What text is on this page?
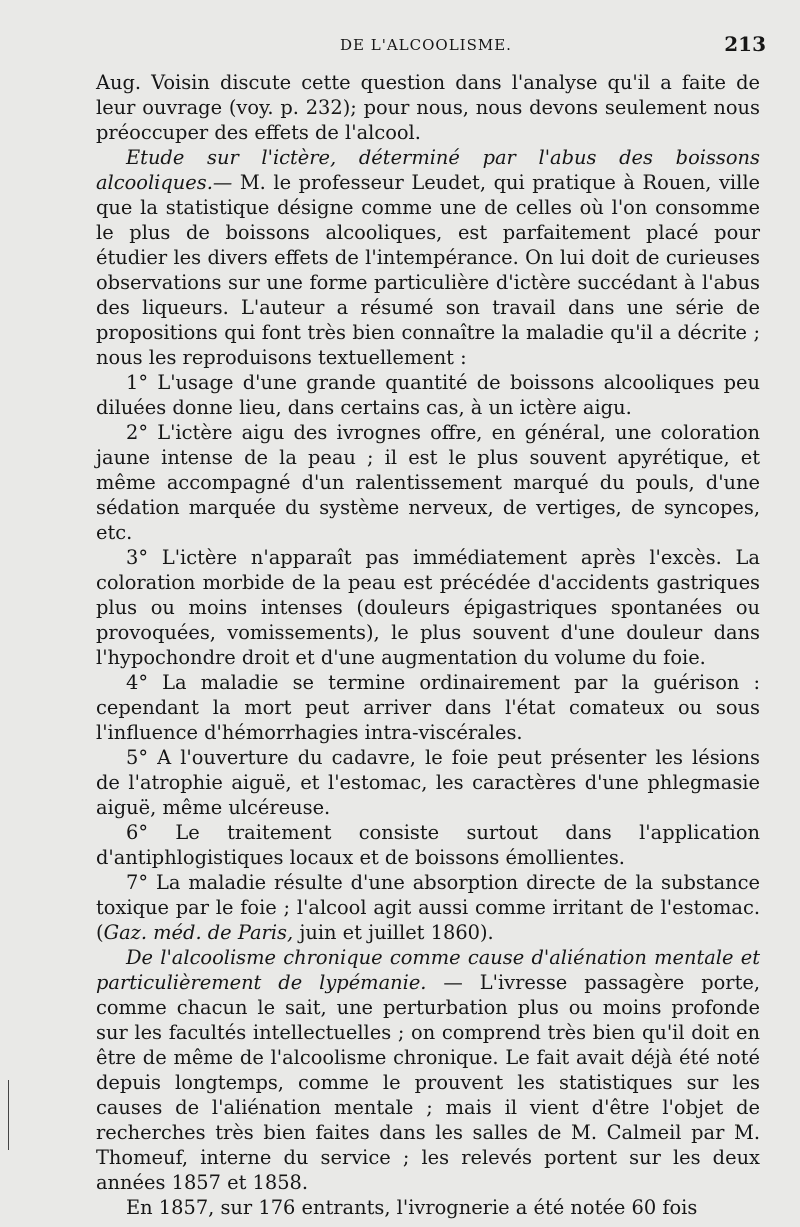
DE L'ALCOOLISME.	213

Aug. Voisin discute cette question dans l'analyse qu'il a faite de leur ouvrage (voy. p. 232); pour nous, nous devons seulement nous préoccuper des effets de l'alcool.

Etude sur l'ictère, déterminé par l'abus des boissons alcooliques.— M. le professeur Leudet, qui pratique à Rouen, ville que la statistique désigne comme une de celles où l'on consomme le plus de boissons alcooliques, est parfaitement placé pour étudier les divers effets de l'intempérance. On lui doit de curieuses observations sur une forme particulière d'ictère succédant à l'abus des liqueurs. L'auteur a résumé son travail dans une série de propositions qui font très bien connaître la maladie qu'il a décrite ; nous les reproduisons textuellement :

1° L'usage d'une grande quantité de boissons alcooliques peu diluées donne lieu, dans certains cas, à un ictère aigu.

2° L'ictère aigu des ivrognes offre, en général, une coloration jaune intense de la peau ; il est le plus souvent apyrétique, et même accompagné d'un ralentissement marqué du pouls, d'une sédation marquée du système nerveux, de vertiges, de syncopes, etc.

3° L'ictère n'apparaît pas immédiatement après l'excès. La coloration morbide de la peau est précédée d'accidents gastriques plus ou moins intenses (douleurs épigastriques spontanées ou provoquées, vomissements), le plus souvent d'une douleur dans l'hypochondre droit et d'une augmentation du volume du foie.

4° La maladie se termine ordinairement par la guérison : cependant la mort peut arriver dans l'état comateux ou sous l'influence d'hémorrhagies intra-viscérales.

5° A l'ouverture du cadavre, le foie peut présenter les lésions de l'atrophie aiguë, et l'estomac, les caractères d'une phlegmasie aiguë, même ulcéreuse.

6° Le traitement consiste surtout dans l'application d'antiphlogistiques locaux et de boissons émollientes.

7° La maladie résulte d'une absorption directe de la substance toxique par le foie ; l'alcool agit aussi comme irritant de l'estomac. (Gaz. méd. de Paris, juin et juillet 1860).

De l'alcoolisme chronique comme cause d'aliénation mentale et particulièrement de lypémanie. — L'ivresse passagère porte, comme chacun le sait, une perturbation plus ou moins profonde sur les facultés intellectuelles ; on comprend très bien qu'il doit en être de même de l'alcoolisme chronique. Le fait avait déjà été noté depuis longtemps, comme le prouvent les statistiques sur les causes de l'aliénation mentale ; mais il vient d'être l'objet de recherches très bien faites dans les salles de M. Calmeil par M. Thomeuf, interne du service ; les relevés portent sur les deux années 1857 et 1858.

En 1857, sur 176 entrants, l'ivrognerie a été notée 60 fois
